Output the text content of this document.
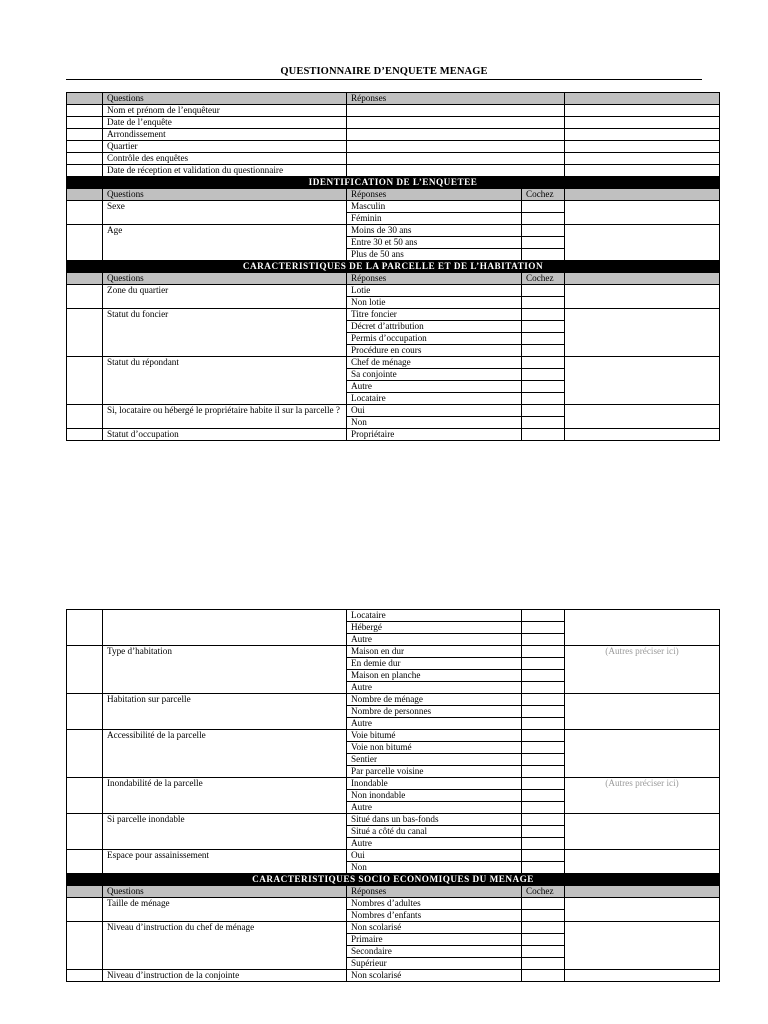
QUESTIONNAIRE D’ENQUETE MENAGE
	Questions	Réponses		
	Nom et prénom de l’enquêteur			
	Date de l’enquête			
	Arrondissement			
	Quartier			
	Contrôle des enquêtes			
	Date de réception et validation du questionnaire			
IDENTIFICATION DE L’ENQUETEE				
	Questions	Réponses	Cochez	
	Sexe	Masculin		
		Féminin		
	Age	Moins de 30 ans		
		Entre 30 et 50 ans		
		Plus de 50 ans		
CARACTERISTIQUES DE LA PARCELLE ET DE L’HABITATION				
	Questions	Réponses	Cochez	
	Zone du quartier	Lotie		
		Non lotie		
	Statut du foncier	Titre foncier		
		Décret d’attribution		
		Permis d’occupation		
		Procédure en cours		
	Statut du répondant	Chef de ménage		
		Sa conjointe		
		Autre		
		Locataire		
	Si, locataire ou hébergé le propriétaire habite il sur la parcelle ?	Oui		
		Non		
	Statut d’occupation	Propriétaire		
		Locataire		
		Hébergé		
		Autre		
	Type d’habitation	Maison en dur		(Autres préciser ici)
		En demie dur		
		Maison en planche		
		Autre		
	Habitation sur parcelle	Nombre de ménage		
		Nombre de personnes		
		Autre		
	Accessibilité de la parcelle	Voie bitumé		
		Voie non bitumé		
		Sentier		
		Par parcelle voisine		
	Inondabilité de la parcelle	Inondable		(Autres préciser ici)
		Non inondable		
		Autre		
	Si parcelle inondable	Situé dans un bas-fonds		
		Situé a côté du canal		
		Autre		
	Espace pour assainissement	Oui		
		Non		
CARACTERISTIQUES SOCIO ECONOMIQUES DU MENAGE				
	Questions	Réponses	Cochez	
	Taille de ménage	Nombres d’adultes		
		Nombres d’enfants		
	Niveau d’instruction du chef de ménage	Non scolarisé		
		Primaire		
		Secondaire		
		Supérieur		
	Niveau d’instruction de la conjointe	Non scolarisé		
